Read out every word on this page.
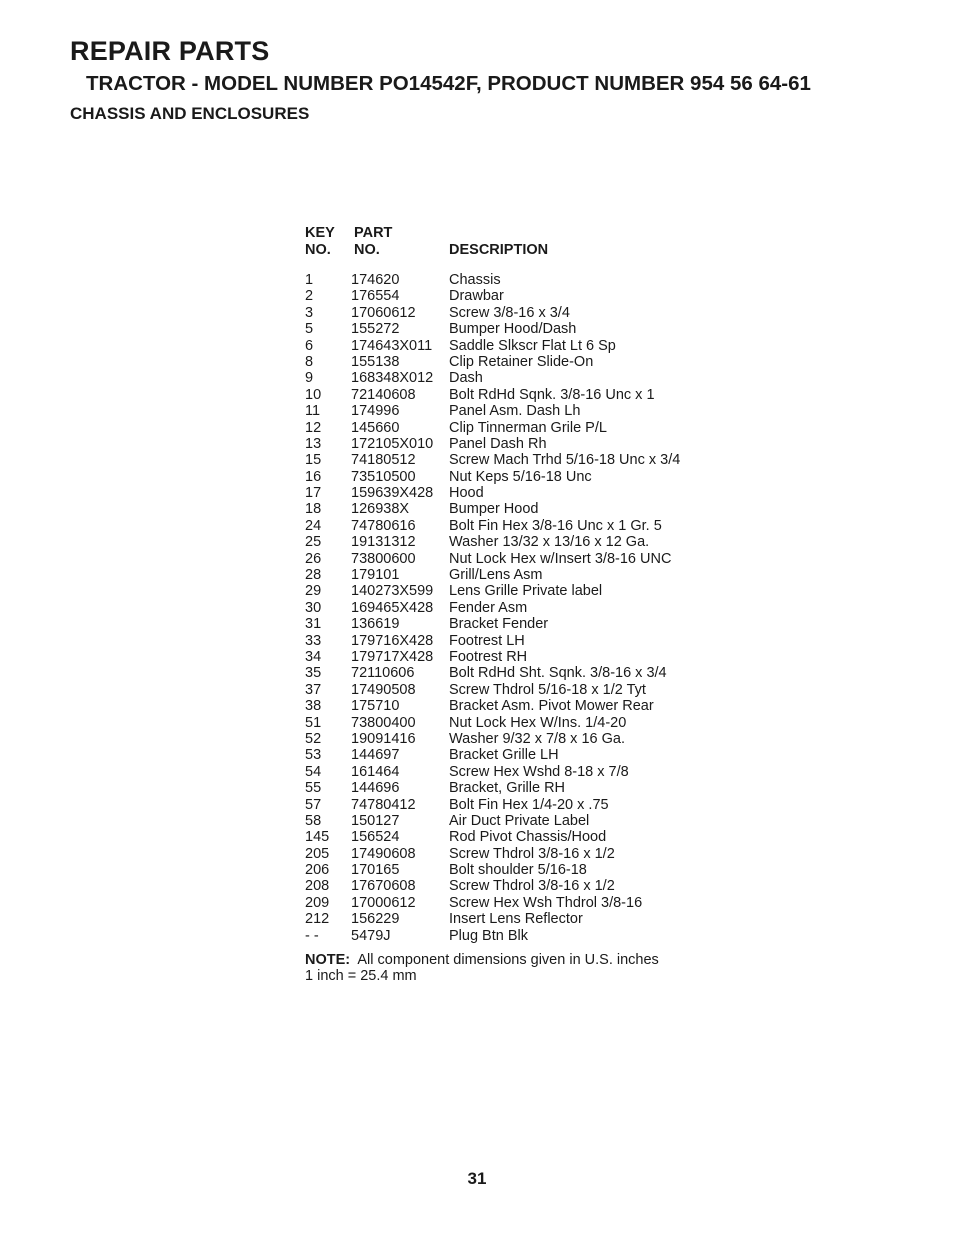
REPAIR PARTS
TRACTOR - MODEL NUMBER PO14542F, PRODUCT NUMBER 954 56 64-61
CHASSIS AND ENCLOSURES
KEY
NO.
PART
NO.	DESCRIPTION
1	174620	Chassis
2	176554	Drawbar
3	17060612 Screw 3/8-16 x 3/4
5	155272	Bumper Hood/Dash
6	174643X011 Saddle Slkscr Flat Lt 6 Sp
8	155138	Clip Retainer Slide-On
9	168348X012 Dash
10 72140608 Bolt RdHd Sqnk. 3/8-16 Unc x 1
11 174996	Panel Asm. Dash Lh
12 145660	Clip Tinnerman Grile P/L
13 172105X010 Panel Dash Rh
15 74180512 Screw Mach Trhd 5/16-18 Unc x 3/4
16 73510500 Nut Keps 5/16-18 Unc
17 159639X428 Hood
18 126938X	Bumper Hood
24 74780616 Bolt Fin Hex 3/8-16 Unc x 1 Gr. 5
25 19131312 Washer 13/32 x 13/16 x 12 Ga.
26 73800600 Nut Lock Hex w/Insert 3/8-16 UNC
28 179101	Grill/Lens Asm
29 140273X599 Lens Grille Private label
30 169465X428 Fender Asm
31 136619	Bracket Fender
33 179716X428 Footrest LH
34 179717X428 Footrest RH
35 72110606 Bolt RdHd Sht. Sqnk. 3/8-16 x 3/4
37 17490508 Screw Thdrol 5/16-18 x 1/2 Tyt
38 175710	Bracket Asm. Pivot Mower Rear
51 73800400 Nut Lock Hex W/Ins. 1/4-20
52 19091416 Washer 9/32 x 7/8 x 16 Ga.
53 144697	Bracket Grille LH
54 161464	Screw Hex Wshd 8-18 x 7/8
55 144696	Bracket, Grille RH
57 74780412 Bolt Fin Hex 1/4-20 x .75
58 150127	Air Duct Private Label
145 156524	Rod Pivot Chassis/Hood
205 17490608 Screw Thdrol 3/8-16 x 1/2
206 170165	Bolt shoulder 5/16-18
208 17670608 Screw Thdrol 3/8-16 x 1/2
209 17000612 Screw Hex Wsh Thdrol 3/8-16
212 156229	Insert Lens Reflector
- - 5479J	Plug Btn Blk
NOTE:  All component dimensions given in U.S. inches
1 inch = 25.4 mm
31
